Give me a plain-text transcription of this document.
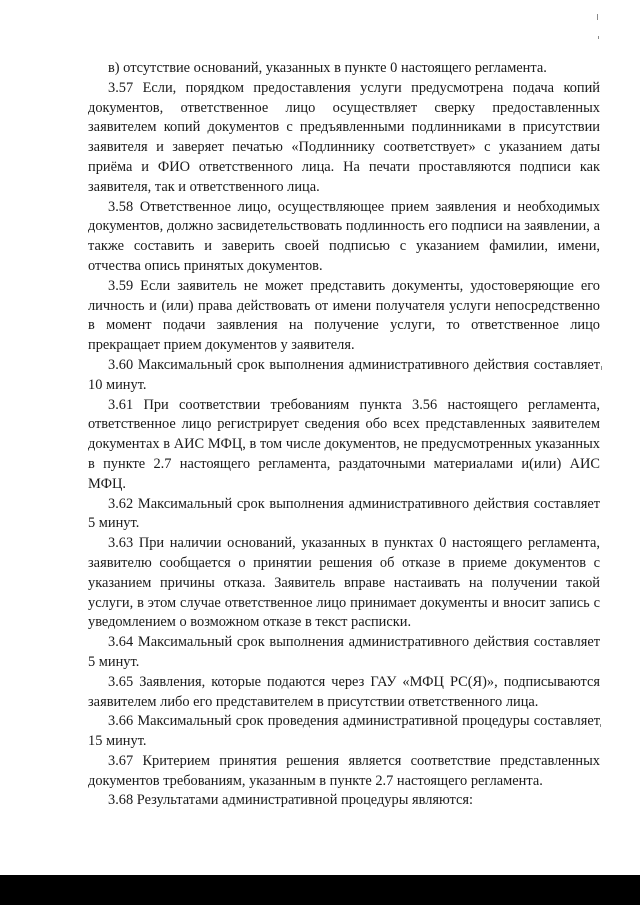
в) отсутствие оснований, указанных в пункте 0 настоящего регламента.

3.57 Если, порядком предоставления услуги предусмотрена подача копий документов, ответственное лицо осуществляет сверку предоставленных заявителем копий документов с предъявленными подлинниками в присутствии заявителя и заверяет печатью «Подлиннику соответствует» с указанием даты приёма и ФИО ответственного лица. На печати проставляются подписи как заявителя, так и ответственного лица.

3.58 Ответственное лицо, осуществляющее прием заявления и необходимых документов, должно засвидетельствовать подлинность его подписи на заявлении, а также составить и заверить своей подписью с указанием фамилии, имени, отчества опись принятых документов.

3.59 Если заявитель не может представить документы, удостоверяющие его личность и (или) права действовать от имени получателя услуги непосредственно в момент подачи заявления на получение услуги, то ответственное лицо прекращает прием документов у заявителя.

3.60 Максимальный срок выполнения административного действия составляет 10 минут.

3.61 При соответствии требованиям пункта 3.56 настоящего регламента, ответственное лицо регистрирует сведения обо всех представленных заявителем документах в АИС МФЦ, в том числе документов, не предусмотренных указанных в пункте 2.7 настоящего регламента, раздаточными материалами и(или) АИС МФЦ.

3.62 Максимальный срок выполнения административного действия составляет 5 минут.

3.63 При наличии оснований, указанных в пунктах 0 настоящего регламента, заявителю сообщается о принятии решения об отказе в приеме документов с указанием причины отказа. Заявитель вправе настаивать на получении такой услуги, в этом случае ответственное лицо принимает документы и вносит запись с уведомлением о возможном отказе в текст расписки.

3.64 Максимальный срок выполнения административного действия составляет 5 минут.

3.65 Заявления, которые подаются через ГАУ «МФЦ РС(Я)», подписываются заявителем либо его представителем в присутствии ответственного лица.

3.66 Максимальный срок проведения административной процедуры составляет 15 минут.

3.67 Критерием принятия решения является соответствие представленных документов требованиям, указанным в пункте 2.7 настоящего регламента.

3.68 Результатами административной процедуры являются:
